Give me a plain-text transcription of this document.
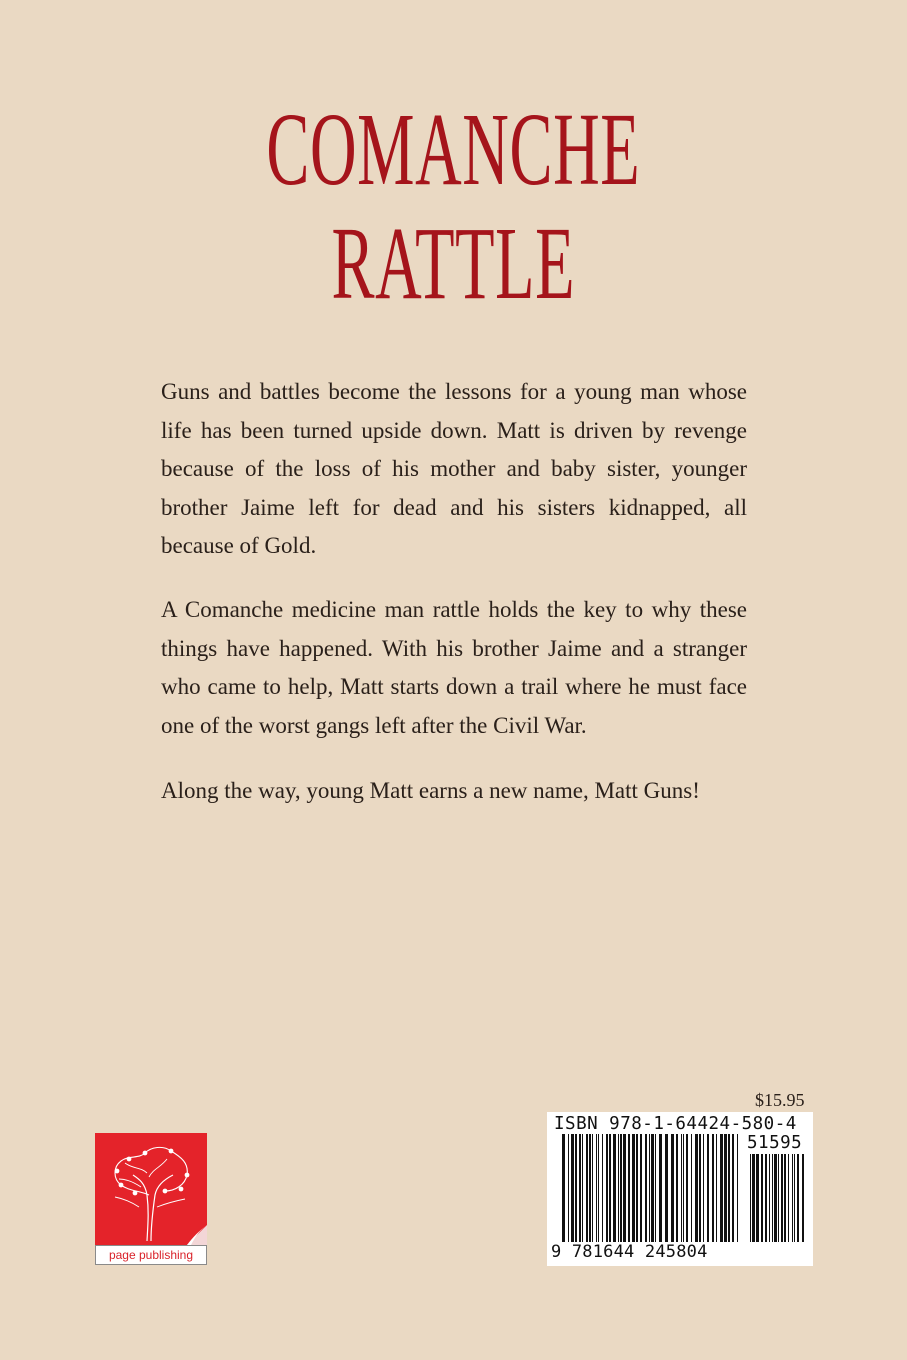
COMANCHE
RATTLE

Guns and battles become the lessons for a young man whose life has been turned upside down. Matt is driven by revenge because of the loss of his mother and baby sister, younger brother Jaime left for dead and his sisters kidnapped, all because of Gold.

A Comanche medicine man rattle holds the key to why these things have happened. With his brother Jaime and a stranger who came to help, Matt starts down a trail where he must face one of the worst gangs left after the Civil War.

Along the way, young Matt earns a new name, Matt Guns!

$15.95
ISBN 978-1-64424-580-4
51595
9 781644 245804
page publishing
